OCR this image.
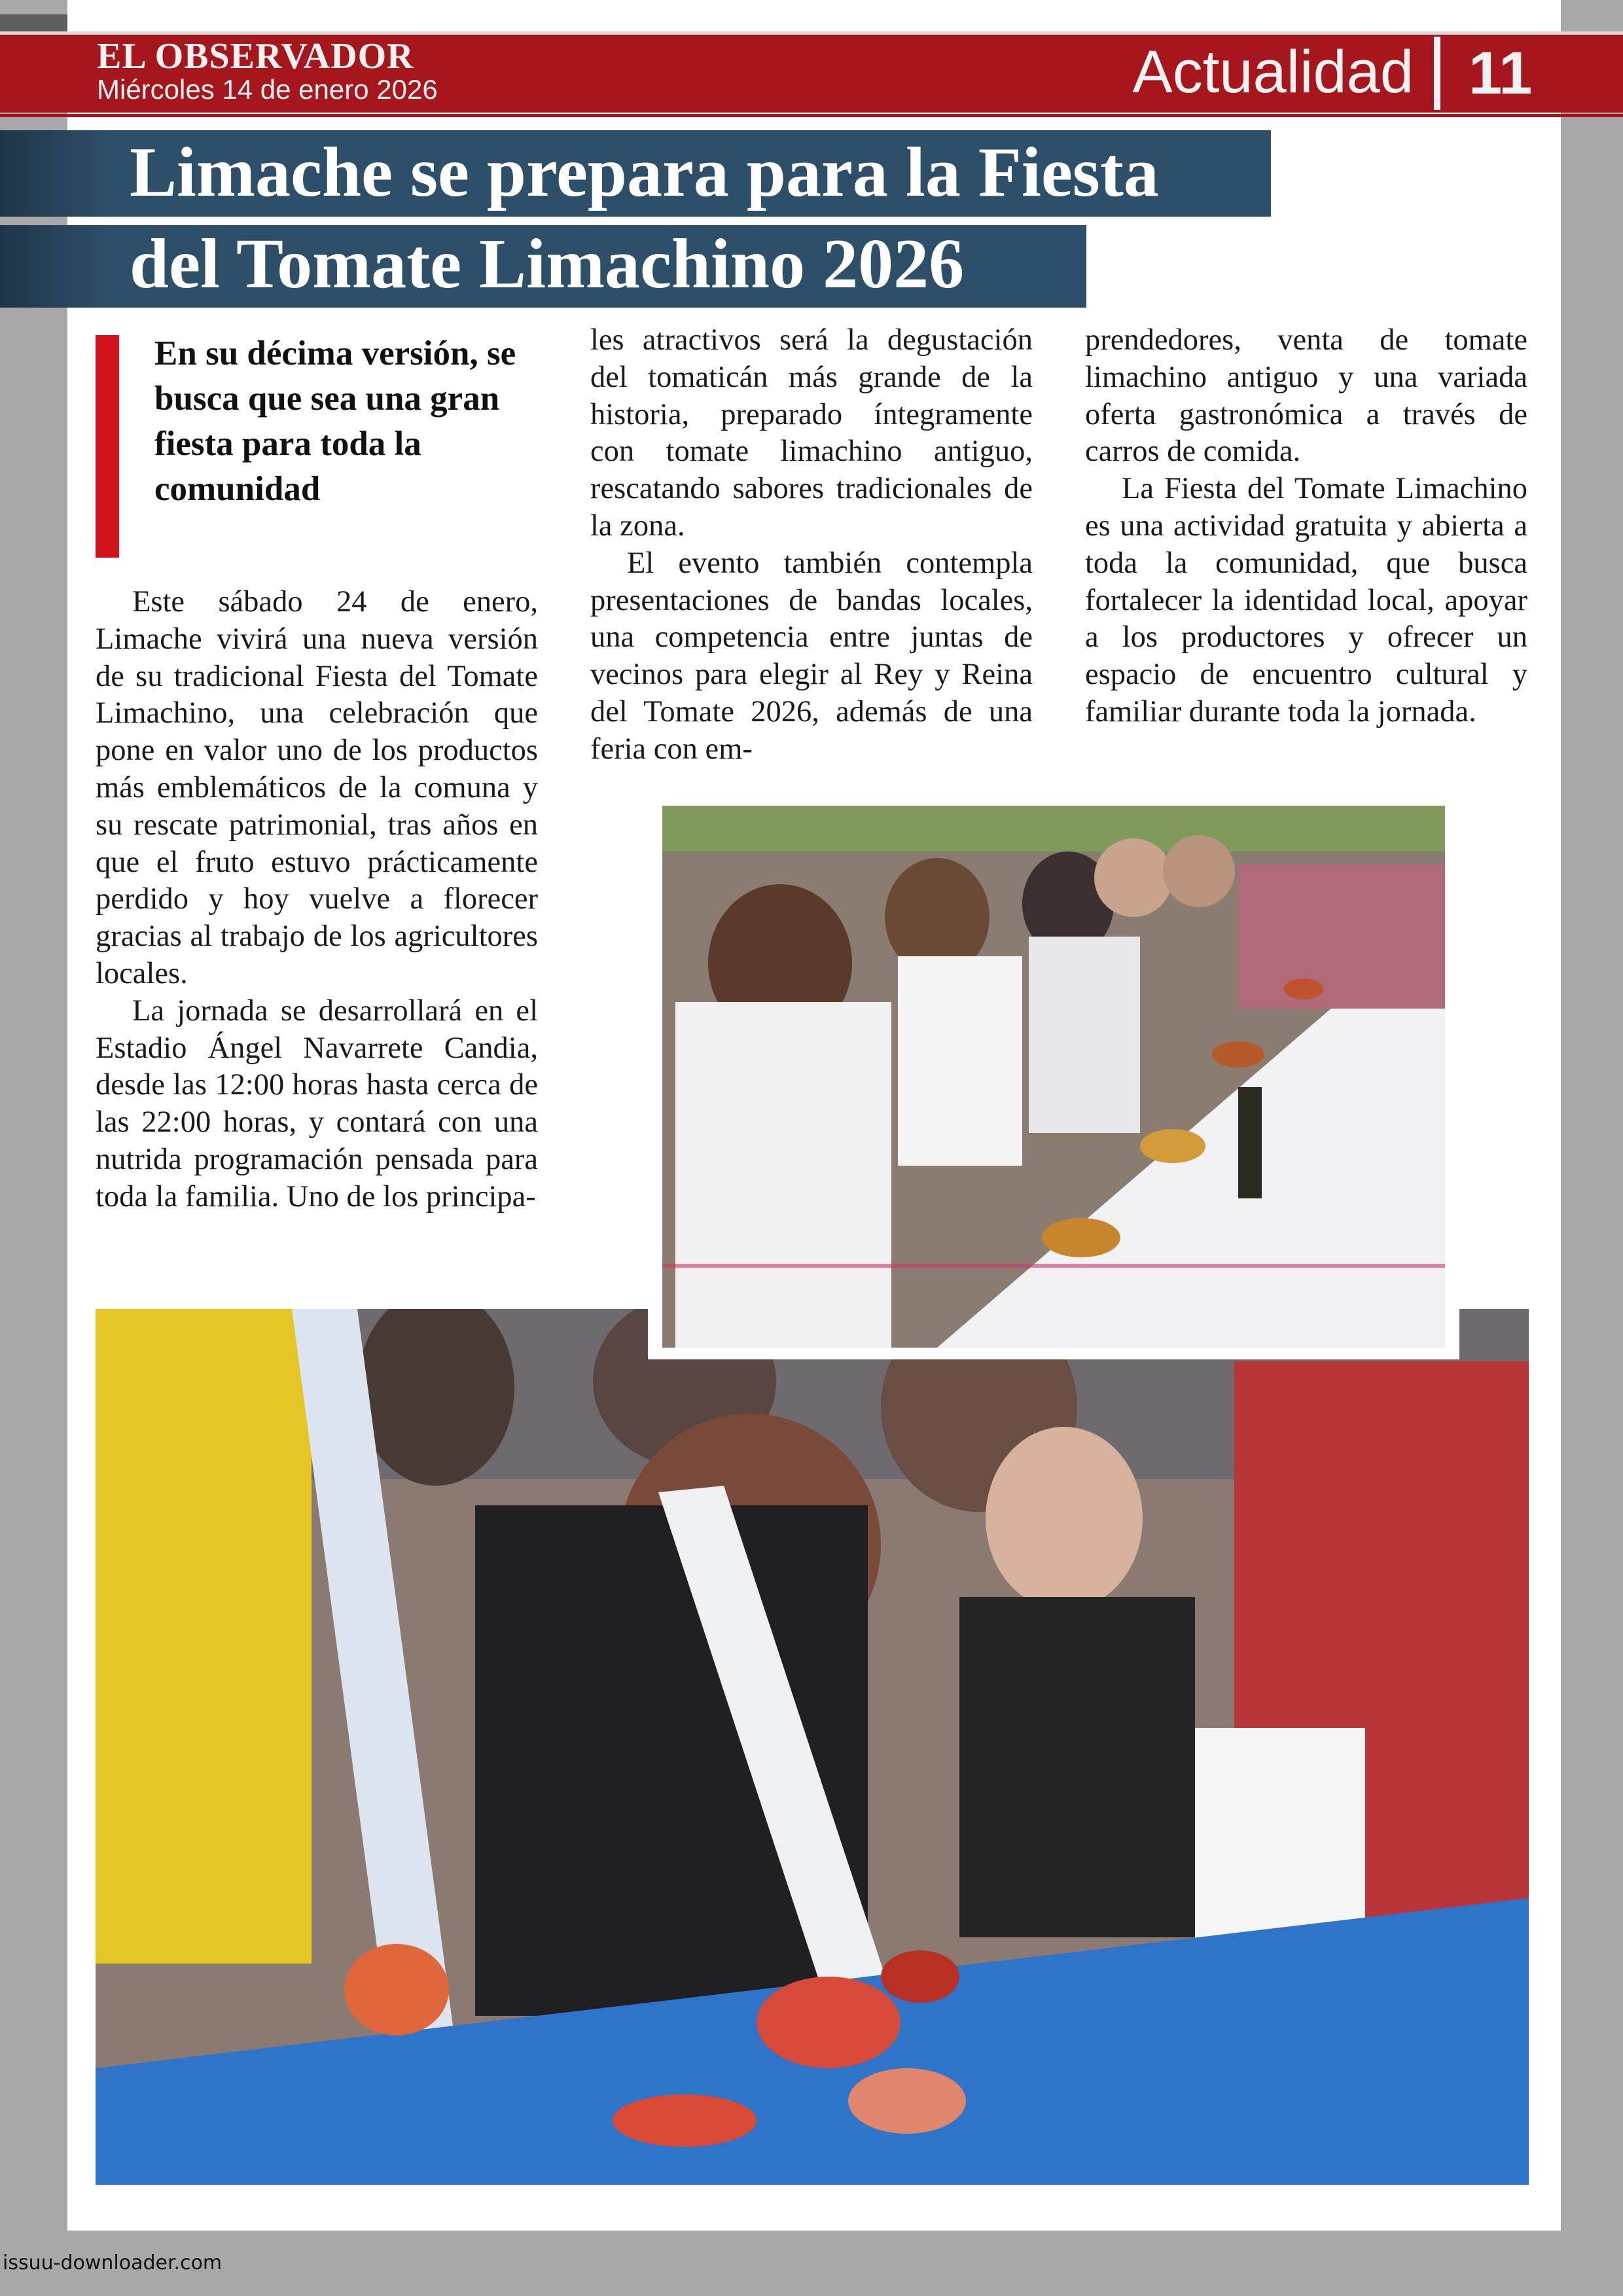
EL OBSERVADOR
Miércoles 14 de enero 2026	Actualidad 11
Limache se prepara para la Fiesta
del Tomate Limachino 2026
En su décima versión, se busca que sea una gran fiesta para toda la comunidad

Este sábado 24 de enero, Limache vivirá una nueva versión de su tradicional Fiesta del Tomate Limachino, una celebración que pone en valor uno de los productos más emblemáticos de la comuna y su rescate patrimonial, tras años en que el fruto estuvo prácticamente perdido y hoy vuelve a florecer gracias al trabajo de los agricultores locales.

La jornada se desarrollará en el Estadio Ángel Navarrete Candia, desde las 12:00 horas hasta cerca de las 22:00 horas, y contará con una nutrida programación pensada para toda la familia. Uno de los principa-

les atractivos será la degustación del tomaticán más grande de la historia, preparado íntegramente con tomate limachino antiguo, rescatando sabores tradicionales de la zona.

El evento también contempla presentaciones de bandas locales, una competencia entre juntas de vecinos para elegir al Rey y Reina del Tomate 2026, además de una feria con em-

prendedores, venta de tomate limachino antiguo y una variada oferta gastronómica a través de carros de comida.

La Fiesta del Tomate Limachino es una actividad gratuita y abierta a toda la comunidad, que busca fortalecer la identidad local, apoyar a los productores y ofrecer un espacio de encuentro cultural y familiar durante toda la jornada.

issuu-downloader.com
